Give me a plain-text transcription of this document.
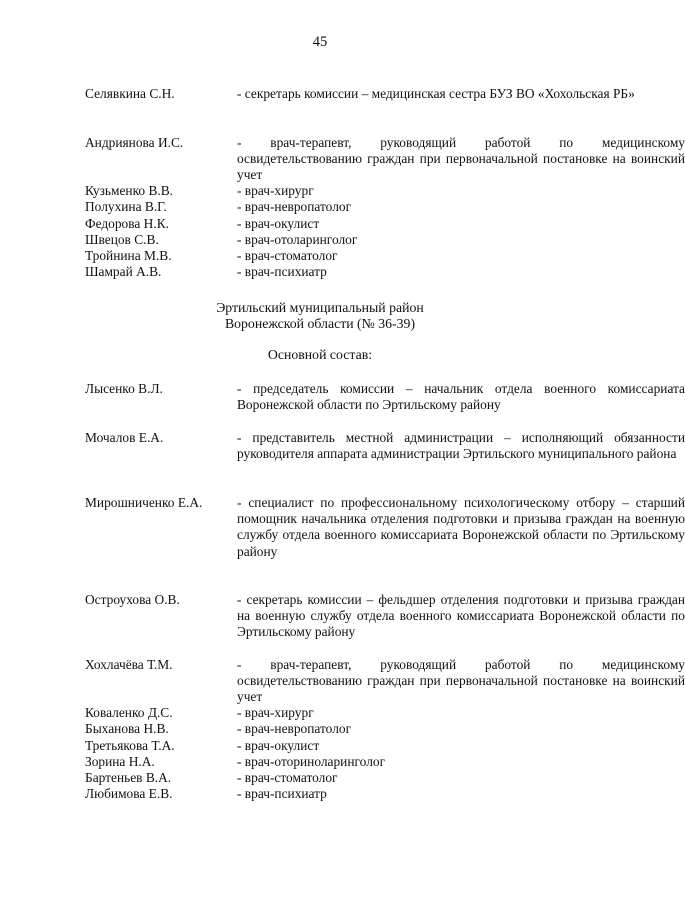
45
Селявкина С.Н.	- секретарь комиссии – медицинская сестра БУЗ ВО «Хохольская РБ»
Андриянова И.С.	- врач-терапевт, руководящий работой по медицинскому освидетельствованию граждан при первоначальной постановке на воинский учет
Кузьменко В.В.	- врач-хирург
Полухина В.Г.	- врач-невропатолог
Федорова Н.К.	- врач-окулист
Швецов С.В.	- врач-отоларинголог
Тройнина М.В.	- врач-стоматолог
Шамрай А.В.	- врач-психиатр
Эртильский муниципальный район
Воронежской области (№ 36-39)
Основной состав:
Лысенко В.Л.	- председатель комиссии – начальник отдела военного комиссариата Воронежской области по Эртильскому району
Мочалов Е.А.	- представитель местной администрации – исполняющий обязанности руководителя аппарата администрации Эртильского муниципального района
Мирошниченко Е.А.	- специалист по профессиональному психологическому отбору – старший помощник начальника отделения подготовки и призыва граждан на военную службу отдела военного комиссариата Воронежской области по Эртильскому району
Остроухова О.В.	- секретарь комиссии – фельдшер отделения подготовки и призыва граждан на военную службу отдела военного комиссариата Воронежской области по Эртильскому району
Хохлачёва Т.М.	- врач-терапевт, руководящий работой по медицинскому освидетельствованию граждан при первоначальной постановке на воинский учет
Коваленко Д.С.	- врач-хирург
Быханова Н.В.	- врач-невропатолог
Третьякова Т.А.	- врач-окулист
Зорина Н.А.	- врач-оториноларинголог
Бартеньев В.А.	- врач-стоматолог
Любимова Е.В.	- врач-психиатр
